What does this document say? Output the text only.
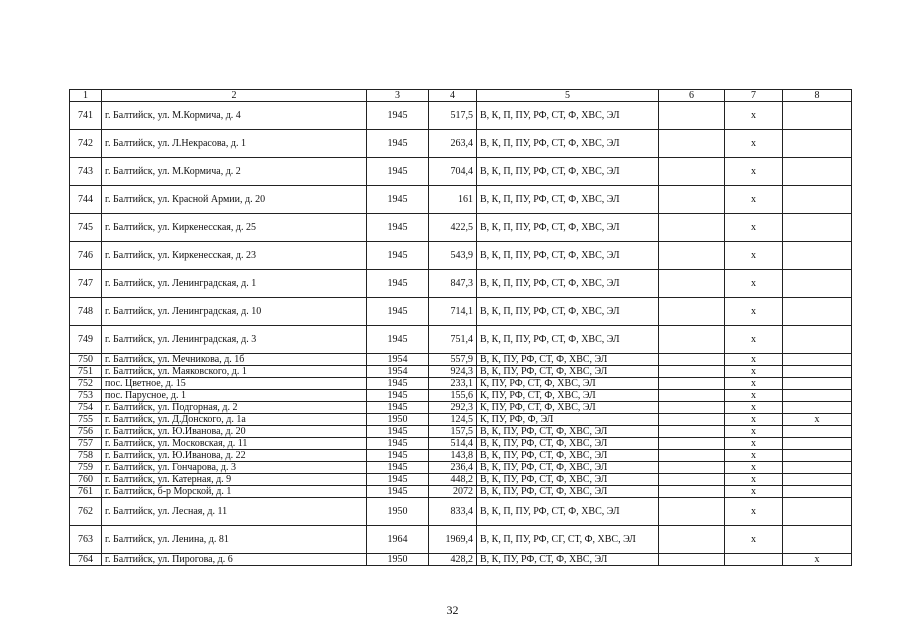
1	2	3	4	5	6	7	8
741	г. Балтийск, ул. М.Кормича, д. 4	1945	517,5	В, К, П, ПУ, РФ, СТ, Ф, ХВС, ЭЛ		х	
742	г. Балтийск, ул. Л.Некрасова, д. 1	1945	263,4	В, К, П, ПУ, РФ, СТ, Ф, ХВС, ЭЛ		х	
743	г. Балтийск, ул. М.Кормича, д. 2	1945	704,4	В, К, П, ПУ, РФ, СТ, Ф, ХВС, ЭЛ		х	
744	г. Балтийск, ул. Красной Армии, д. 20	1945	161	В, К, П, ПУ, РФ, СТ, Ф, ХВС, ЭЛ		х	
745	г. Балтийск, ул. Киркенесская, д. 25	1945	422,5	В, К, П, ПУ, РФ, СТ, Ф, ХВС, ЭЛ		х	
746	г. Балтийск, ул. Киркенесская, д. 23	1945	543,9	В, К, П, ПУ, РФ, СТ, Ф, ХВС, ЭЛ		х	
747	г. Балтийск, ул. Ленинградская, д. 1	1945	847,3	В, К, П, ПУ, РФ, СТ, Ф, ХВС, ЭЛ		х	
748	г. Балтийск, ул. Ленинградская, д. 10	1945	714,1	В, К, П, ПУ, РФ, СТ, Ф, ХВС, ЭЛ		х	
749	г. Балтийск, ул. Ленинградская, д. 3	1945	751,4	В, К, П, ПУ, РФ, СТ, Ф, ХВС, ЭЛ		х	
750	г. Балтийск, ул. Мечникова, д. 1б	1954	557,9	В, К, ПУ, РФ, СТ, Ф, ХВС, ЭЛ		х	
751	г. Балтийск, ул. Маяковского, д. 1	1954	924,3	В, К, ПУ, РФ, СТ, Ф, ХВС, ЭЛ		х	
752	пос. Цветное, д. 15	1945	233,1	К, ПУ, РФ, СТ, Ф, ХВС, ЭЛ		х	
753	пос. Парусное, д. 1	1945	155,6	К, ПУ, РФ, СТ, Ф, ХВС, ЭЛ		х	
754	г. Балтийск, ул. Подгорная, д. 2	1945	292,3	К, ПУ, РФ, СТ, Ф, ХВС, ЭЛ		х	
755	г. Балтийск, ул. Д.Донского, д. 1а	1950	124,5	К, ПУ, РФ, Ф, ЭЛ		х	х
756	г. Балтийск, ул. Ю.Иванова, д. 20	1945	157,5	В, К, ПУ, РФ, СТ, Ф, ХВС, ЭЛ		х	
757	г. Балтийск, ул. Московская, д. 11	1945	514,4	В, К, ПУ, РФ, СТ, Ф, ХВС, ЭЛ		х	
758	г. Балтийск, ул. Ю.Иванова, д. 22	1945	143,8	В, К, ПУ, РФ, СТ, Ф, ХВС, ЭЛ		х	
759	г. Балтийск, ул. Гончарова, д. 3	1945	236,4	В, К, ПУ, РФ, СТ, Ф, ХВС, ЭЛ		х	
760	г. Балтийск, ул. Катерная, д. 9	1945	448,2	В, К, ПУ, РФ, СТ, Ф, ХВС, ЭЛ		х	
761	г. Балтийск, б-р Морской, д. 1	1945	2072	В, К, ПУ, РФ, СТ, Ф, ХВС, ЭЛ		х	
762	г. Балтийск, ул. Лесная, д. 11	1950	833,4	В, К, П, ПУ, РФ, СТ, Ф, ХВС, ЭЛ		х	
763	г. Балтийск, ул. Ленина, д. 81	1964	1969,4	В, К, П, ПУ, РФ, СГ, СТ, Ф, ХВС, ЭЛ		х	
764	г. Балтийск, ул. Пирогова, д. 6	1950	428,2	В, К, ПУ, РФ, СТ, Ф, ХВС, ЭЛ			х
32
